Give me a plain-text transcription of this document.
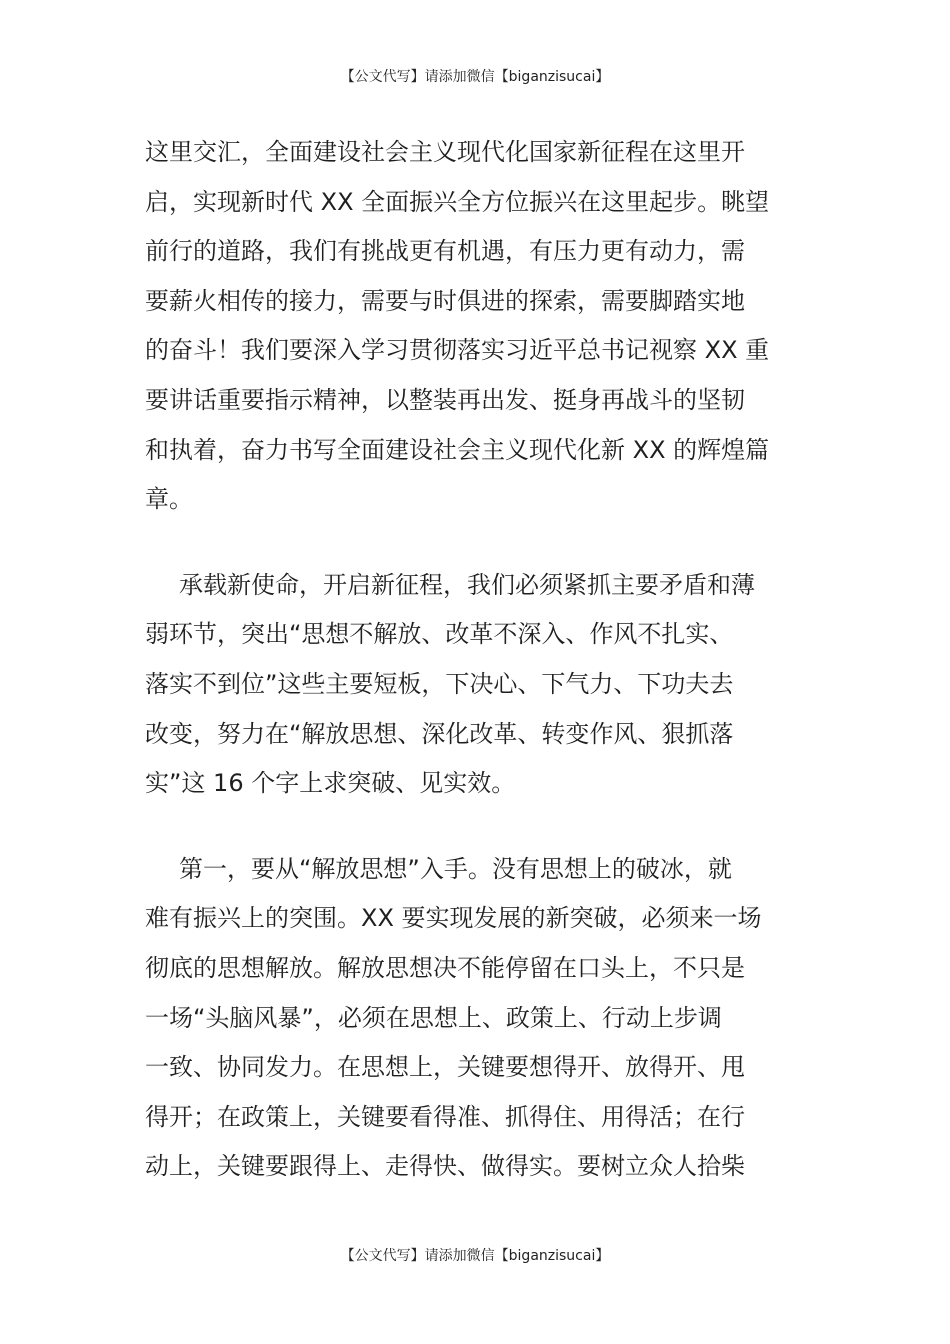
【公文代写】请添加微信【biganzisucai】

这里交汇，全面建设社会主义现代化国家新征程在这里开
启，实现新时代 XX 全面振兴全方位振兴在这里起步。眺望
前行的道路，我们有挑战更有机遇，有压力更有动力，需
要薪火相传的接力，需要与时俱进的探索，需要脚踏实地
的奋斗！我们要深入学习贯彻落实习近平总书记视察 XX 重
要讲话重要指示精神，以整装再出发、挺身再战斗的坚韧
和执着，奋力书写全面建设社会主义现代化新 XX 的辉煌篇
章。

承载新使命，开启新征程，我们必须紧抓主要矛盾和薄
弱环节，突出“思想不解放、改革不深入、作风不扎实、
落实不到位”这些主要短板，下决心、下气力、下功夫去
改变，努力在“解放思想、深化改革、转变作风、狠抓落
实”这 16 个字上求突破、见实效。

第一，要从“解放思想”入手。没有思想上的破冰，就
难有振兴上的突围。XX 要实现发展的新突破，必须来一场
彻底的思想解放。解放思想决不能停留在口头上，不只是
一场“头脑风暴”，必须在思想上、政策上、行动上步调
一致、协同发力。在思想上，关键要想得开、放得开、甩
得开；在政策上，关键要看得准、抓得住、用得活；在行
动上，关键要跟得上、走得快、做得实。要树立众人拾柴

【公文代写】请添加微信【biganzisucai】
